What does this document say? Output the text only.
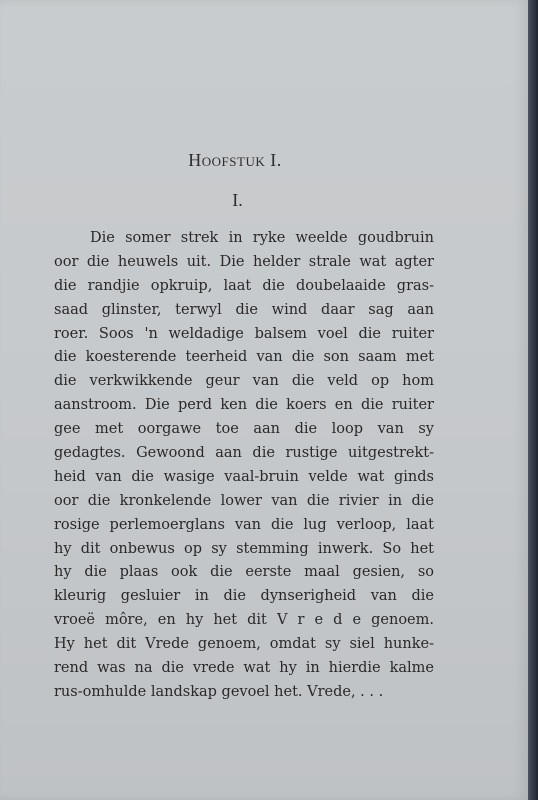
Hoofstuk I.
I.
Die somer strek in ryke weelde goudbruin
oor die heuwels uit. Die helder strale wat agter
die randjie opkruip, laat die doubelaaide gras-
saad glinster, terwyl die wind daar sag aan
roer. Soos 'n weldadige balsem voel die ruiter
die koesterende teerheid van die son saam met
die verkwikkende geur van die veld op hom
aanstroom. Die perd ken die koers en die ruiter
gee met oorgawe toe aan die loop van sy
gedagtes. Gewoond aan die rustige uitgestrekt-
heid van die wasige vaal-bruin velde wat ginds
oor die kronkelende lower van die rivier in die
rosige perlemoerglans van die lug verloop, laat
hy dit onbewus op sy stemming inwerk. So het
hy die plaas ook die eerste maal gesien, so
kleurig gesluier in die dynserigheid van die
vroeë môre, en hy het dit V r e d e genoem.
Hy het dit Vrede genoem, omdat sy siel hunke-
rend was na die vrede wat hy in hierdie kalme
rus-omhulde landskap gevoel het. Vrede, . . .
